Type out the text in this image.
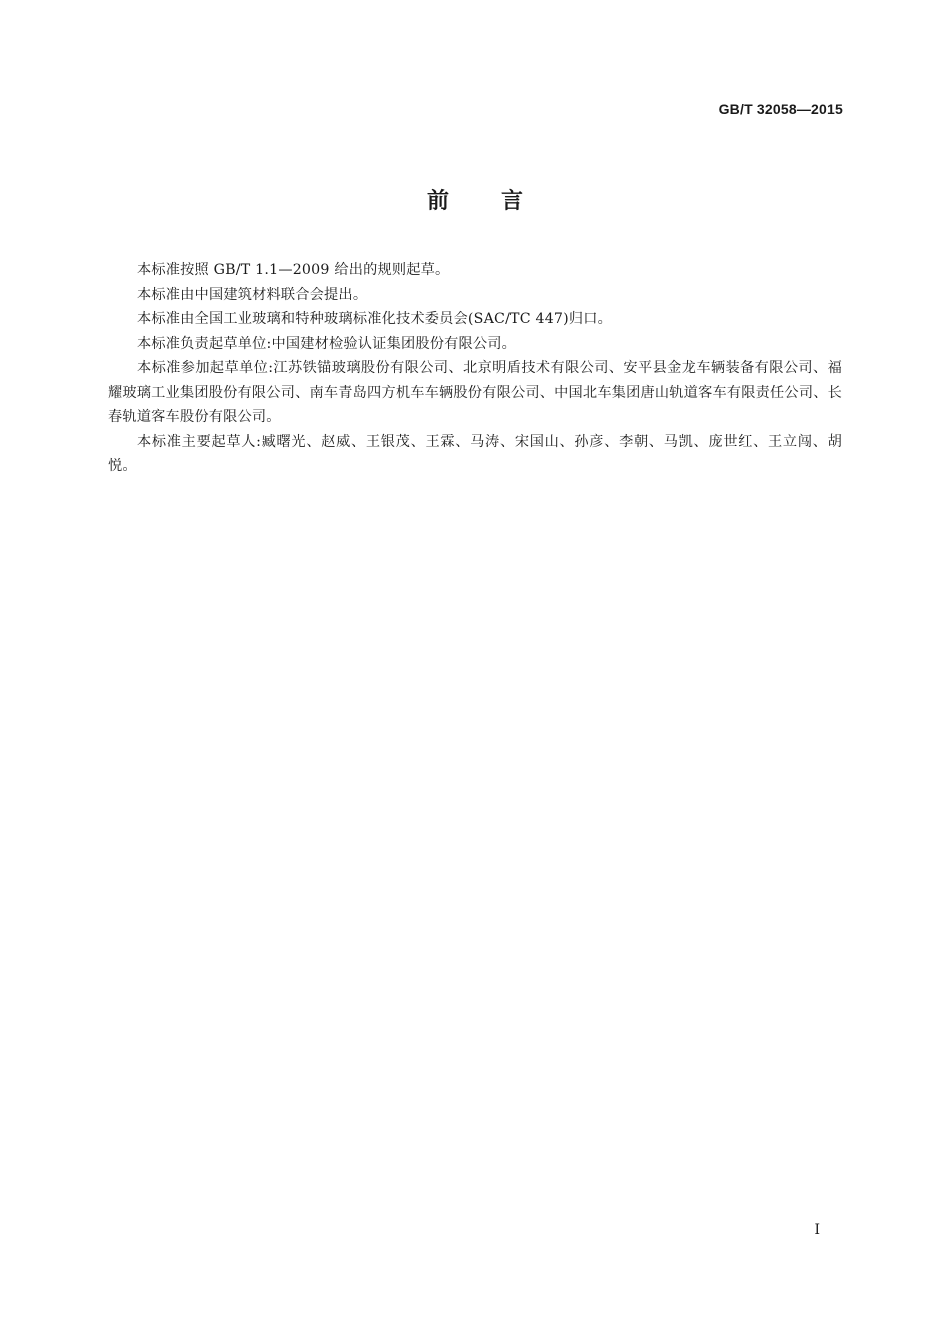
GB/T 32058—2015
前 言

本标准按照 GB/T 1.1—2009 给出的规则起草。

本标准由中国建筑材料联合会提出。

本标准由全国工业玻璃和特种玻璃标准化技术委员会(SAC/TC 447)归口。

本标准负责起草单位:中国建材检验认证集团股份有限公司。

本标准参加起草单位:江苏铁锚玻璃股份有限公司、北京明盾技术有限公司、安平县金龙车辆装备有限公司、福耀玻璃工业集团股份有限公司、南车青岛四方机车车辆股份有限公司、中国北车集团唐山轨道客车有限责任公司、长春轨道客车股份有限公司。

本标准主要起草人:臧曙光、赵威、王银茂、王霖、马涛、宋国山、孙彦、李朝、马凯、庞世红、王立闯、胡悦。

I
